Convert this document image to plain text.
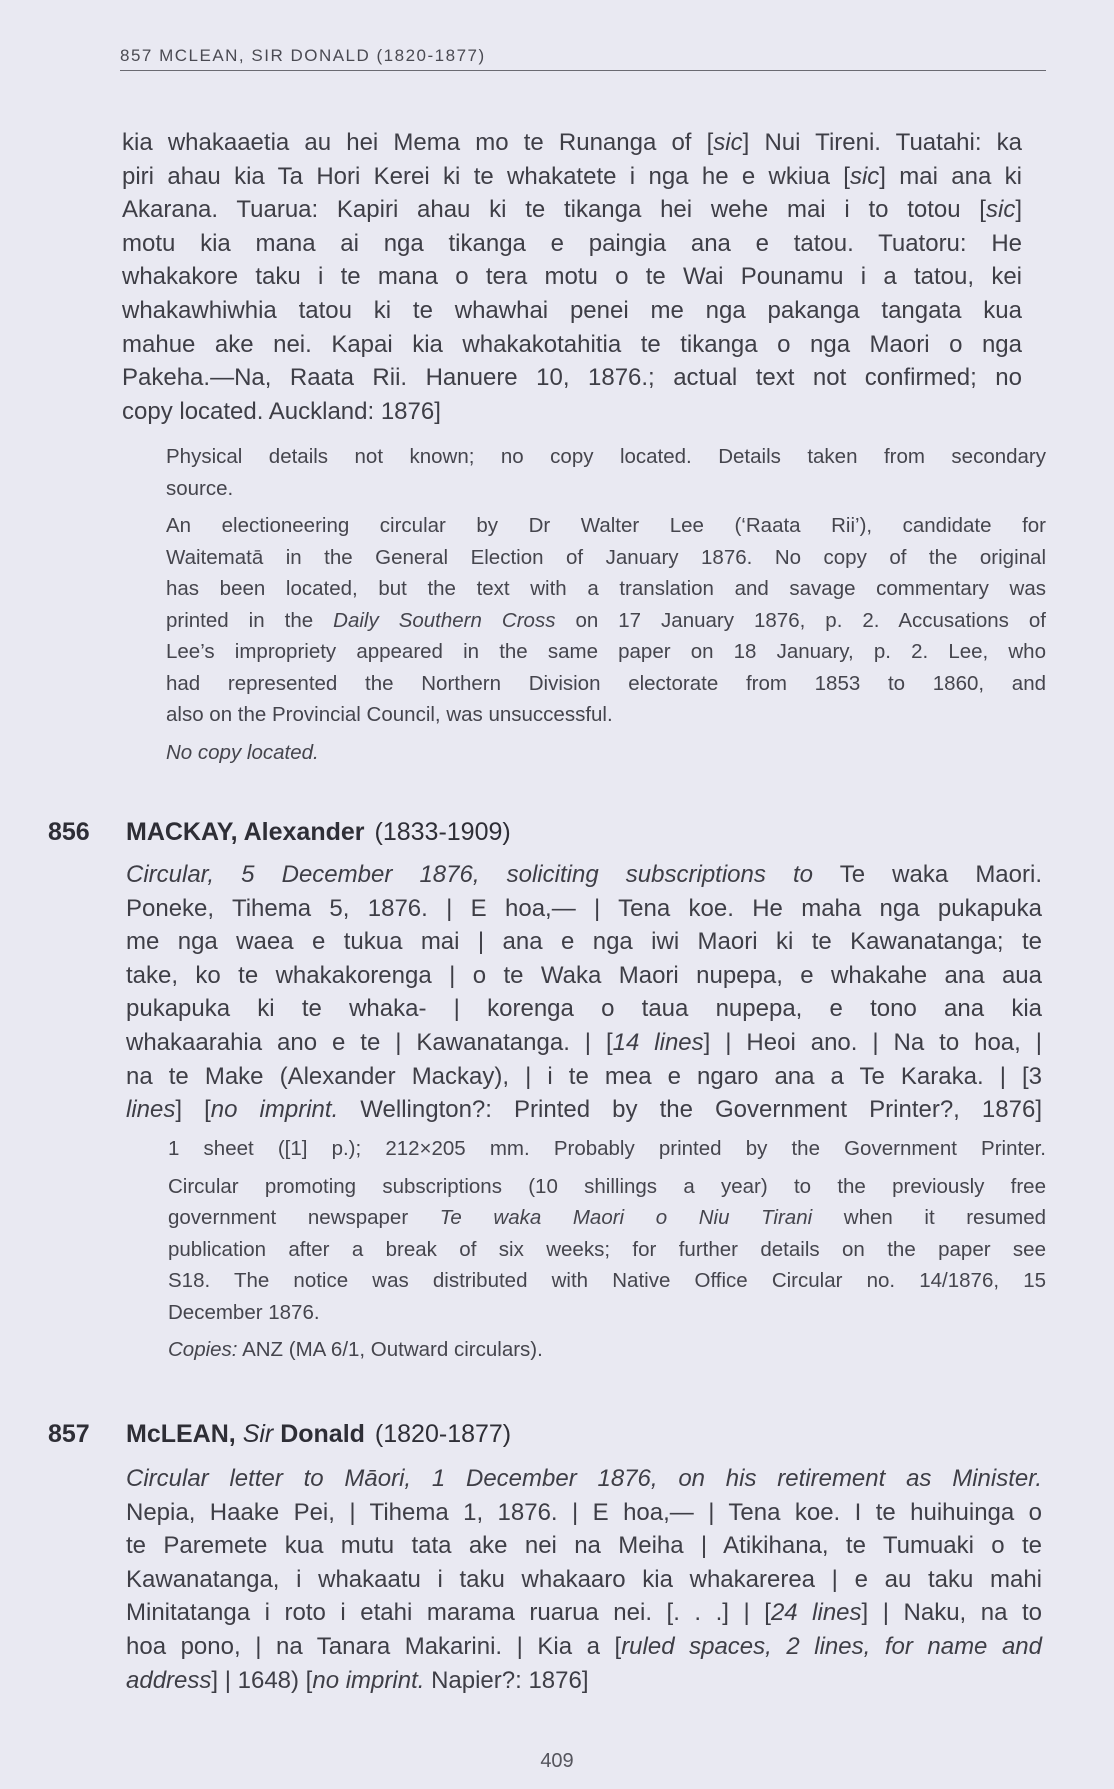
857 MCLEAN, SIR DONALD (1820-1877)
kia whakaaetia au hei Mema mo te Runanga of [sic] Nui Tireni. Tuatahi: ka
piri ahau kia Ta Hori Kerei ki te whakatete i nga he e wkiua [sic] mai ana ki
Akarana. Tuarua: Kapiri ahau ki te tikanga hei wehe mai i to totou [sic]
motu kia mana ai nga tikanga e paingia ana e tatou. Tuatoru: He
whakakore taku i te mana o tera motu o te Wai Pounamu i a tatou, kei
whakawhiwhia tatou ki te whawhai penei me nga pakanga tangata kua
mahue ake nei. Kapai kia whakakotahitia te tikanga o nga Maori o nga
Pakeha.—Na, Raata Rii. Hanuere 10, 1876.; actual text not confirmed; no
copy located. Auckland: 1876]
Physical details not known; no copy located. Details taken from secondary
source.
An electioneering circular by Dr Walter Lee (‘Raata Rii’), candidate for
Waitematā in the General Election of January 1876. No copy of the original
has been located, but the text with a translation and savage commentary was
printed in the Daily Southern Cross on 17 January 1876, p. 2. Accusations of
Lee’s impropriety appeared in the same paper on 18 January, p. 2. Lee, who
had represented the Northern Division electorate from 1853 to 1860, and
also on the Provincial Council, was unsuccessful.
No copy located.
856 MACKAY, Alexander (1833-1909)
Circular, 5 December 1876, soliciting subscriptions to Te waka Maori.
Poneke, Tihema 5, 1876. | E hoa,— | Tena koe. He maha nga pukapuka
me nga waea e tukua mai | ana e nga iwi Maori ki te Kawanatanga; te
take, ko te whakakorenga | o te Waka Maori nupepa, e whakahe ana aua
pukapuka ki te whaka- | korenga o taua nupepa, e tono ana kia
whakaarahia ano e te | Kawanatanga. | [14 lines] | Heoi ano. | Na to hoa, |
na te Make (Alexander Mackay), | i te mea e ngaro ana a Te Karaka. | [3
lines] [no imprint. Wellington?: Printed by the Government Printer?, 1876]
1 sheet ([1] p.); 212×205 mm. Probably printed by the Government Printer.
Circular promoting subscriptions (10 shillings a year) to the previously free
government newspaper Te waka Maori o Niu Tirani when it resumed
publication after a break of six weeks; for further details on the paper see
S18. The notice was distributed with Native Office Circular no. 14/1876, 15
December 1876.
Copies: ANZ (MA 6/1, Outward circulars).
857 McLEAN, Sir Donald (1820-1877)
Circular letter to Māori, 1 December 1876, on his retirement as Minister.
Nepia, Haake Pei, | Tihema 1, 1876. | E hoa,— | Tena koe. I te huihuinga o
te Paremete kua mutu tata ake nei na Meiha | Atikihana, te Tumuaki o te
Kawanatanga, i whakaatu i taku whakaaro kia whakarerea | e au taku mahi
Minitatanga i roto i etahi marama ruarua nei. [. . .] | [24 lines] | Naku, na to
hoa pono, | na Tanara Makarini. | Kia a [ruled spaces, 2 lines, for name and
address] | 1648) [no imprint. Napier?: 1876]
409
